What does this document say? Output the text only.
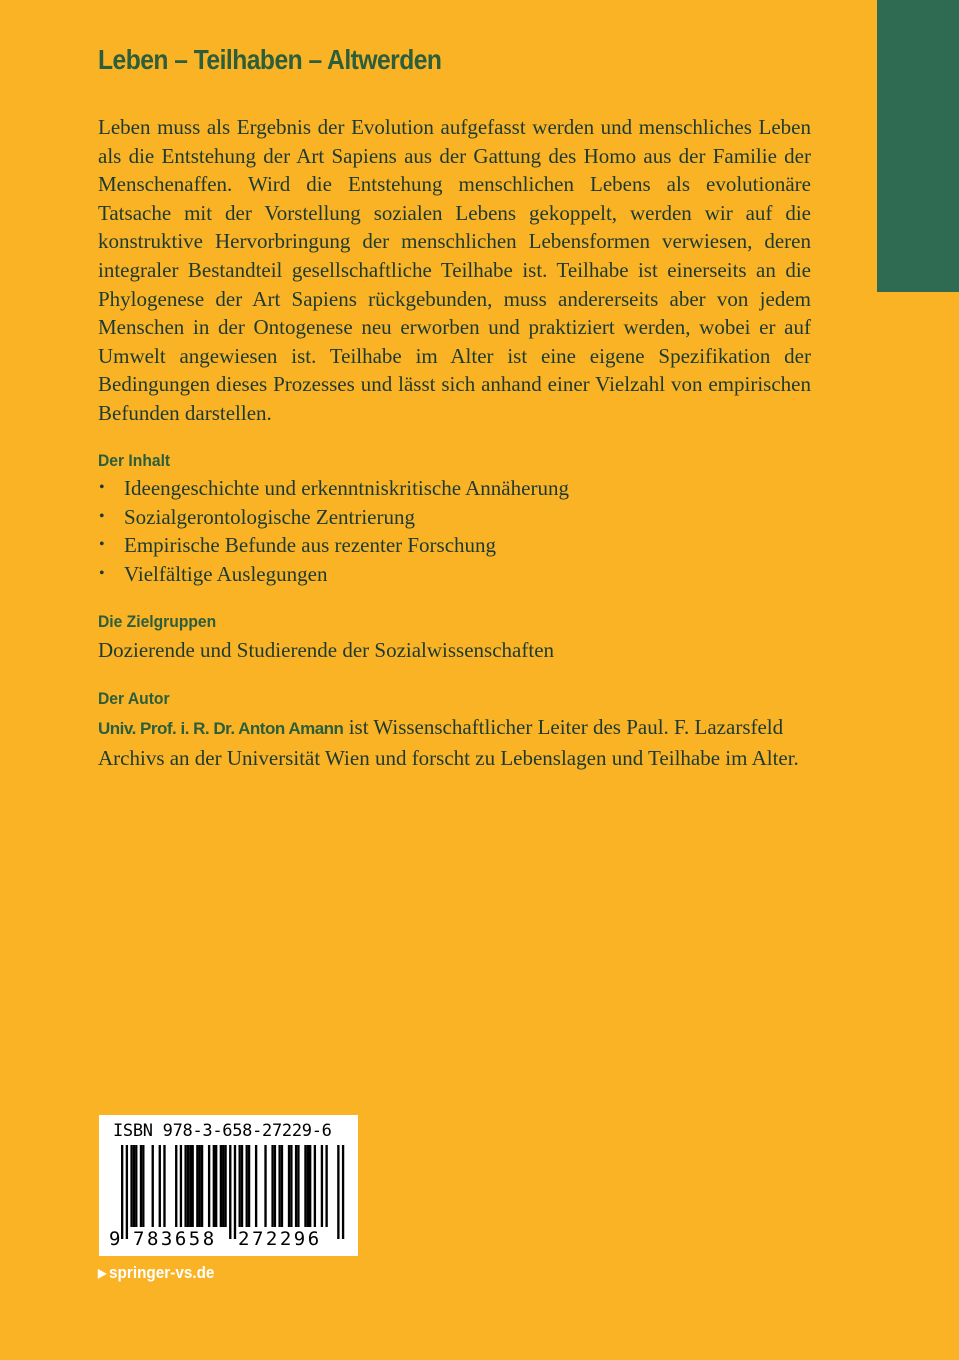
Leben – Teilhaben – Altwerden

Leben muss als Ergebnis der Evolution aufgefasst werden und menschliches Leben als die Entstehung der Art Sapiens aus der Gattung des Homo aus der Familie der Menschenaffen. Wird die Entstehung menschlichen Lebens als evolutionäre Tatsache mit der Vorstellung sozialen Lebens gekoppelt, werden wir auf die konstruktive Hervorbringung der menschlichen Lebensformen verwiesen, deren integraler Bestandteil gesellschaftliche Teilhabe ist. Teilhabe ist einerseits an die Phylogenese der Art Sapiens rückgebunden, muss andererseits aber von jedem Menschen in der Ontogenese neu erworben und praktiziert werden, wobei er auf Umwelt angewiesen ist. Teilhabe im Alter ist eine eigene Spezifikation der Bedingungen dieses Prozesses und lässt sich anhand einer Vielzahl von empirischen Befunden darstellen.

Der Inhalt
• Ideengeschichte und erkenntniskritische Annäherung
• Sozialgerontologische Zentrierung
• Empirische Befunde aus rezenter Forschung
• Vielfältige Auslegungen
Die Zielgruppen

Dozierende und Studierende der Sozialwissenschaften

Der Autor

Univ. Prof. i. R. Dr. Anton Amann ist Wissenschaftlicher Leiter des Paul. F. Lazarsfeld Archivs an der Universität Wien und forscht zu Lebenslagen und Teilhabe im Alter.

ISBN 978-3-658-27229-6
9 783658	272296
▶ springer-vs.de
